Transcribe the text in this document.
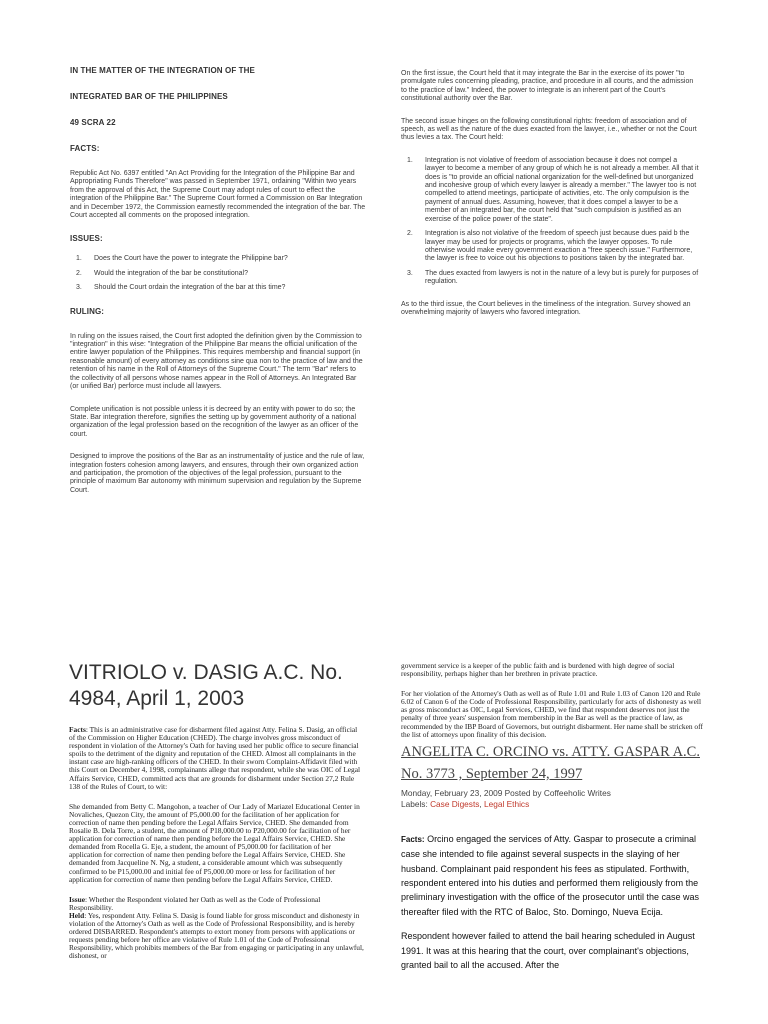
IN THE MATTER OF THE INTEGRATION OF THE

INTEGRATED BAR OF THE PHILIPPINES

49 SCRA 22

FACTS:

Republic Act No. 6397 entitled "An Act Providing for the Integration of the Philippine Bar and Appropriating Funds Therefore" was passed in September 1971, ordaining "Within two years from the approval of this Act, the Supreme Court may adopt rules of court to effect the integration of the Philippine Bar." The Supreme Court formed a Commission on Bar Integration and in December 1972, the Commission earnestly recommended the integration of the bar. The Court accepted all comments on the proposed integration.

ISSUES:

1.	Does the Court have the power to integrate the Philippine bar?
2.	Would the integration of the bar be constitutional?
3.	Should the Court ordain the integration of the bar at this time?

RULING:

In ruling on the issues raised, the Court first adopted the definition given by the Commission to "integration" in this wise: "Integration of the Philippine Bar means the official unification of the entire lawyer population of the Philippines. This requires membership and financial support (in reasonable amount) of every attorney as conditions sine qua non to the practice of law and the retention of his name in the Roll of Attorneys of the Supreme Court." The term "Bar" refers to the collectivity of all persons whose names appear in the Roll of Attorneys. An Integrated Bar (or unified Bar) perforce must include all lawyers.

Complete unification is not possible unless it is decreed by an entity with power to do so; the State. Bar integration therefore, signifies the setting up by government authority of a national organization of the legal profession based on the recognition of the lawyer as an officer of the court.

Designed to improve the positions of the Bar as an instrumentality of justice and the rule of law, integration fosters cohesion among lawyers, and ensures, through their own organized action and participation, the promotion of the objectives of the legal profession, pursuant to the principle of maximum Bar autonomy with minimum supervision and regulation by the Supreme Court.

On the first issue, the Court held that it may integrate the Bar in the exercise of its power "to promulgate rules concerning pleading, practice, and procedure in all courts, and the admission to the practice of law." Indeed, the power to integrate is an inherent part of the Court's constitutional authority over the Bar.

The second issue hinges on the following constitutional rights: freedom of association and of speech, as well as the nature of the dues exacted from the lawyer, i.e., whether or not the Court thus levies a tax. The Court held:

1.	Integration is not violative of freedom of association because it does not compel a lawyer to become a member of any group of which he is not already a member. All that it does is "to provide an official national organization for the well-defined but unorganized and incohesive group of which every lawyer is already a member." The lawyer too is not compelled to attend meetings, participate of activities, etc. The only compulsion is the payment of annual dues. Assuming, however, that it does compel a lawyer to be a member of an integrated bar, the court held that "such compulsion is justified as an exercise of the police power of the state".
2.	Integration is also not violative of the freedom of speech just because dues paid b the lawyer may be used for projects or programs, which the lawyer opposes. To rule otherwise would make every government exaction a "free speech issue." Furthermore, the lawyer is free to voice out his objections to positions taken by the integrated bar.
3.	The dues exacted from lawyers is not in the nature of a levy but is purely for purposes of regulation.

As to the third issue, the Court believes in the timeliness of the integration. Survey showed an overwhelming majority of lawyers who favored integration.

VITRIOLO v. DASIG A.C. No. 4984, April 1, 2003

Facts: This is an administrative case for disbarment filed against Atty. Felina S. Dasig, an official of the Commission on Higher Education (CHED). The charge involves gross misconduct of respondent in violation of the Attorney's Oath for having used her public office to secure financial spoils to the detriment of the dignity and reputation of the CHED. Almost all complainants in the instant case are high-ranking officers of the CHED. In their sworn Complaint-Affidavit filed with this Court on December 4, 1998, complainants allege that respondent, while she was OIC of Legal Affairs Service, CHED, committed acts that are grounds for disbarment under Section 27,2 Rule 138 of the Rules of Court, to wit:

She demanded from Betty C. Mangohon, a teacher of Our Lady of Mariazel Educational Center in Novaliches, Quezon City, the amount of P5,000.00 for the facilitation of her application for correction of name then pending before the Legal Affairs Service, CHED. She demanded from Rosalie B. Dela Torre, a student, the amount of P18,000.00 to P20,000.00 for facilitation of her application for correction of name then pending before the Legal Affairs Service, CHED. She demanded from Rocella G. Eje, a student, the amount of P5,000.00 for facilitation of her application for correction of name then pending before the Legal Affairs Service, CHED. She demanded from Jacqueline N. Ng, a student, a considerable amount which was subsequently confirmed to be P15,000.00 and initial fee of P5,000.00 more or less for facilitation of her application for correction of name then pending before the Legal Affairs Service, CHED.

Issue: Whether the Respondent violated her Oath as well as the Code of Professional Responsibility.

Held: Yes, respondent Atty. Felina S. Dasig is found liable for gross misconduct and dishonesty in violation of the Attorney's Oath as well as the Code of Professional Responsibility, and is hereby ordered DISBARRED. Respondent's attempts to extort money from persons with applications or requests pending before her office are violative of Rule 1.01 of the Code of Professional Responsibility, which prohibits members of the Bar from engaging or participating in any unlawful, dishonest, or

government service is a keeper of the public faith and is burdened with high degree of social responsibility, perhaps higher than her brethren in private practice.

For her violation of the Attorney's Oath as well as of Rule 1.01 and Rule 1.03 of Canon 120 and Rule 6.02 of Canon 6 of the Code of Professional Responsibility, particularly for acts of dishonesty as well as gross misconduct as OIC, Legal Services, CHED, we find that respondent deserves not just the penalty of three years' suspension from membership in the Bar as well as the practice of law, as recommended by the IBP Board of Governors, but outright disbarment. Her name shall be stricken off the list of attorneys upon finality of this decision.

ANGELITA C. ORCINO vs. ATTY. GASPAR A.C. No. 3773 , September 24, 1997

Monday, February 23, 2009 Posted by Coffeeholic Writes

Labels: Case Digests, Legal Ethics

Facts: Orcino engaged the services of Atty. Gaspar to prosecute a criminal case she intended to file against several suspects in the slaying of her husband. Complainant paid respondent his fees as stipulated. Forthwith, respondent entered into his duties and performed them religiously from the preliminary investigation with the office of the prosecutor until the case was thereafter filed with the RTC of Baloc, Sto. Domingo, Nueva Ecija.

Respondent however failed to attend the bail hearing scheduled in August 1991. It was at this hearing that the court, over complainant's objections, granted bail to all the accused. After the
